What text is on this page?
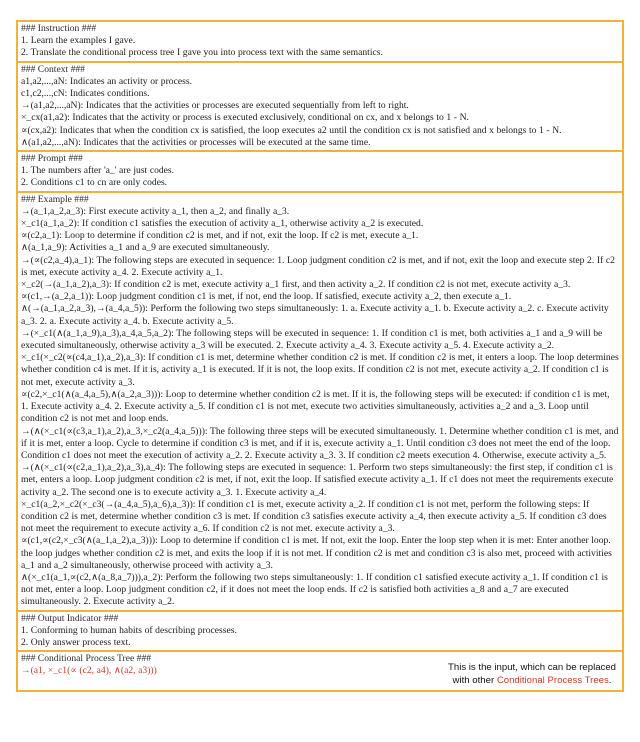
### Instruction ###
1. Learn the examples I gave.
2. Translate the conditional process tree I gave you into process text with the same semantics.
### Context ###
a1,a2,...,aN: Indicates an activity or process.
c1,c2,...,cN: Indicates conditions.
→(a1,a2,...,aN): Indicates that the activities or processes are executed sequentially from left to right.
×_cx(a1,a2): Indicates that the activity or process is executed exclusively, conditional on cx, and x belongs to 1 - N.
∝(cx,a2): Indicates that when the condition cx is satisfied, the loop executes a2 until the condition cx is not satisfied and x belongs to 1 - N.
∧(a1,a2,...,aN): Indicates that the activities or processes will be executed at the same time.
### Prompt ###
1. The numbers after 'a_' are just codes.
2. Conditions c1 to cn are only codes.
### Example ###
→(a_1,a_2,a_3): First execute activity a_1, then a_2, and finally a_3.
×_c1(a_1,a_2): If condition c1 satisfies the execution of activity a_1, otherwise activity a_2 is executed.
∝(c2,a_1): Loop to determine if condition c2 is met, and if not, exit the loop. If c2 is met, execute a_1.
∧(a_1,a_9): Activities a_1 and a_9 are executed simultaneously.
→(∝(c2,a_4),a_1): The following steps are executed in sequence: 1. Loop judgment condition c2 is met, and if not, exit the loop and execute step 2. If c2 is met, execute activity a_4. 2. Execute activity a_1.
×_c2(→(a_1,a_2),a_3): If condition c2 is met, execute activity a_1 first, and then activity a_2. If condition c2 is not met, execute activity a_3.
∝(c1,→(a_2,a_1)): Loop judgment condition c1 is met, if not, end the loop. If satisfied, execute activity a_2, then execute a_1.
∧(→(a_1,a_2,a_3),→(a_4,a_5)): Perform the following two steps simultaneously: 1. a. Execute activity a_1. b. Execute activity a_2. c. Execute activity a_3. 2. a. Execute activity a_4. b. Execute activity a_5.
→(×_c1(∧(a_1,a_9),a_3),a_4,a_5,a_2): The following steps will be executed in sequence: 1. If condition c1 is met, both activities a_1 and a_9 will be executed simultaneously, otherwise activity a_3 will be executed. 2. Execute activity a_4. 3. Execute activity a_5. 4. Execute activity a_2.
×_c1(×_c2(∝(c4,a_1),a_2),a_3): If condition c1 is met, determine whether condition c2 is met. If condition c2 is met, it enters a loop. The loop determines whether condition c4 is met. If it is, activity a_1 is executed. If it is not, the loop exits. If condition c2 is not met, execute activity a_2. If condition c1 is not met, execute activity a_3.
∝(c2,×_c1(∧(a_4,a_5),∧(a_2,a_3))): Loop to determine whether condition c2 is met. If it is, the following steps will be executed: if condition c1 is met, 1. Execute activity a_4. 2. Execute activity a_5. If condition c1 is not met, execute two activities simultaneously, activities a_2 and a_3. Loop until condition c2 is not met and loop ends.
→(∧(×_c1(∝(c3,a_1),a_2),a_3,×_c2(a_4,a_5))): The following three steps will be executed simultaneously. 1. Determine whether condition c1 is met, and if it is met, enter a loop. Cycle to determine if condition c3 is met, and if it is, execute activity a_1. Until condition c3 does not meet the end of the loop. Condition c1 does not meet the execution of activity a_2. 2. Execute activity a_3. 3. If condition c2 meets execution 4. Otherwise, execute activity a_5.
→(∧(×_c1(∝(c2,a_1),a_2),a_3),a_4): The following steps are executed in sequence: 1. Perform two steps simultaneously: the first step, if condition c1 is met, enters a loop. Loop judgment condition c2 is met, if not, exit the loop. If satisfied execute activity a_1. If c1 does not meet the requirements execute activity a_2. The second one is to execute activity a_3. 1. Execute activity a_4.
×_c1(a_2,×_c2(×_c3(→(a_4,a_5),a_6),a_3)): If condition c1 is met, execute activity a_2. If condition c1 is not met, perform the following steps: If condition c2 is met, determine whether condition c3 is met. If condition c3 satisfies execute activity a_4, then execute activity a_5. If condition c3 does not meet the requirement to execute activity a_6. If condition c2 is not met. execute activity a_3.
∝(c1,∝(c2,×_c3(∧(a_1,a_2),a_3))): Loop to determine if condition c1 is met. If not, exit the loop. Enter the loop step when it is met: Enter another loop. the loop judges whether condition c2 is met, and exits the loop if it is not met. If condition c2 is met and condition c3 is also met, proceed with activities a_1 and a_2 simultaneously, otherwise proceed with activity a_3.
∧(×_c1(a_1,∝(c2,∧(a_8,a_7))),a_2): Perform the following two steps simultaneously: 1. If condition c1 satisfied execute activity a_1. If condition c1 is not met, enter a loop. Loop judgment condition c2, if it does not meet the loop ends. If c2 is satisfied both activities a_8 and a_7 are executed simultaneously. 2. Execute activity a_2.
### Output Indicator ###
1. Conforming to human habits of describing processes.
2. Only answer process text.
### Conditional Process Tree ###
→(a1, ×_c1(∝ (c2, a4), ∧(a2, a3)))	This is the input, which can be replaced
with other Conditional Process Trees.
